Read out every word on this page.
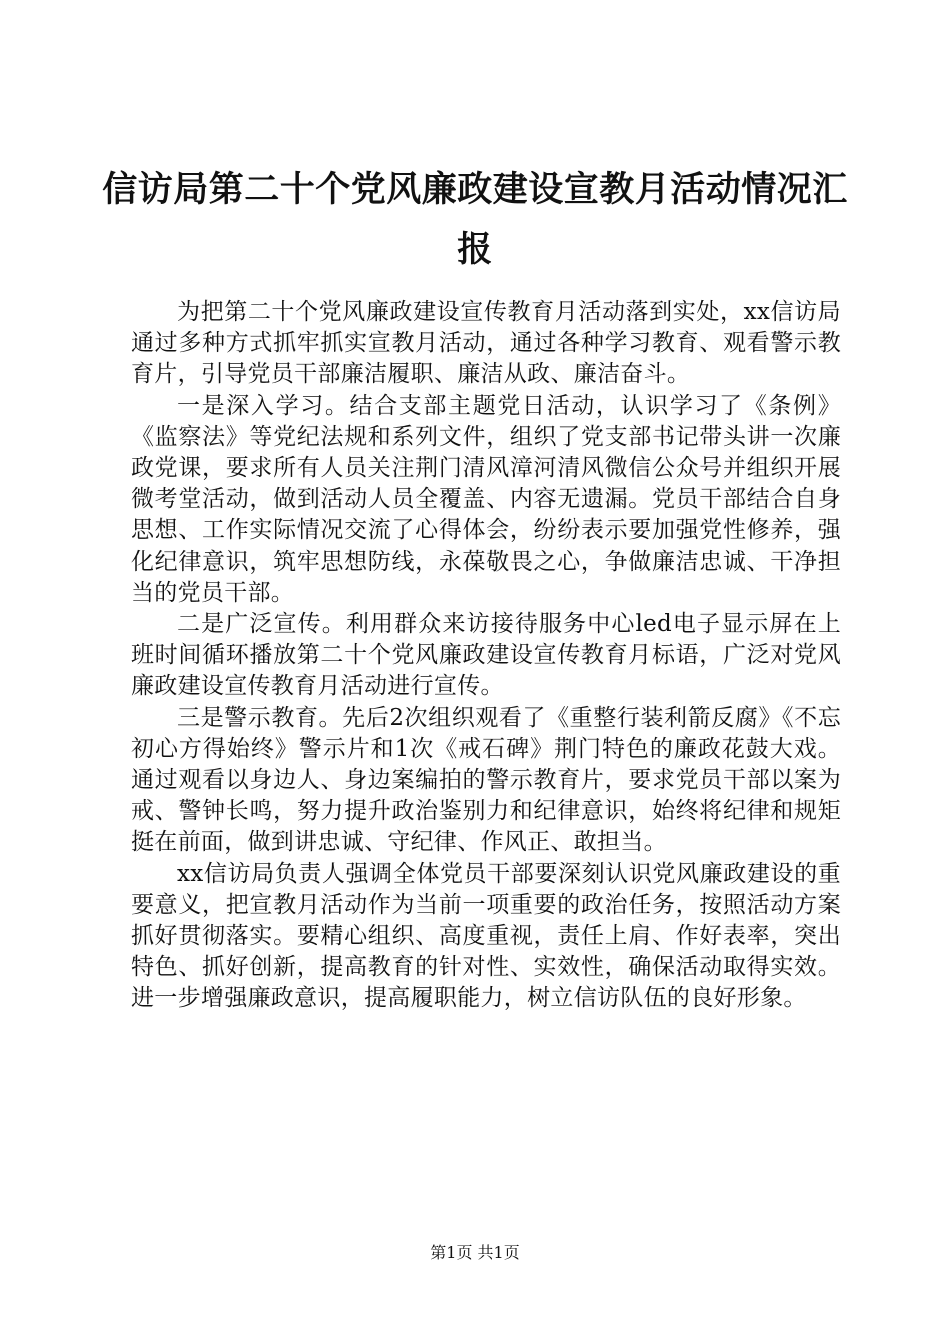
信访局第二十个党风廉政建设宣教月活动情况汇报

为把第二十个党风廉政建设宣传教育月活动落到实处，xx信访局通过多种方式抓牢抓实宣教月活动，通过各种学习教育、观看警示教育片，引导党员干部廉洁履职、廉洁从政、廉洁奋斗。

一是深入学习。结合支部主题党日活动，认识学习了《条例》《监察法》等党纪法规和系列文件，组织了党支部书记带头讲一次廉政党课，要求所有人员关注荆门清风漳河清风微信公众号并组织开展微考堂活动，做到活动人员全覆盖、内容无遗漏。党员干部结合自身思想、工作实际情况交流了心得体会，纷纷表示要加强党性修养，强化纪律意识，筑牢思想防线，永葆敬畏之心，争做廉洁忠诚、干净担当的党员干部。

二是广泛宣传。利用群众来访接待服务中心led电子显示屏在上班时间循环播放第二十个党风廉政建设宣传教育月标语，广泛对党风廉政建设宣传教育月活动进行宣传。

三是警示教育。先后2次组织观看了《重整行装利箭反腐》《不忘初心方得始终》警示片和1次《戒石碑》荆门特色的廉政花鼓大戏。通过观看以身边人、身边案编拍的警示教育片，要求党员干部以案为戒、警钟长鸣，努力提升政治鉴别力和纪律意识，始终将纪律和规矩挺在前面，做到讲忠诚、守纪律、作风正、敢担当。

xx信访局负责人强调全体党员干部要深刻认识党风廉政建设的重要意义，把宣教月活动作为当前一项重要的政治任务，按照活动方案抓好贯彻落实。要精心组织、高度重视，责任上肩、作好表率，突出特色、抓好创新，提高教育的针对性、实效性，确保活动取得实效。进一步增强廉政意识，提高履职能力，树立信访队伍的良好形象。

第1页 共1页
